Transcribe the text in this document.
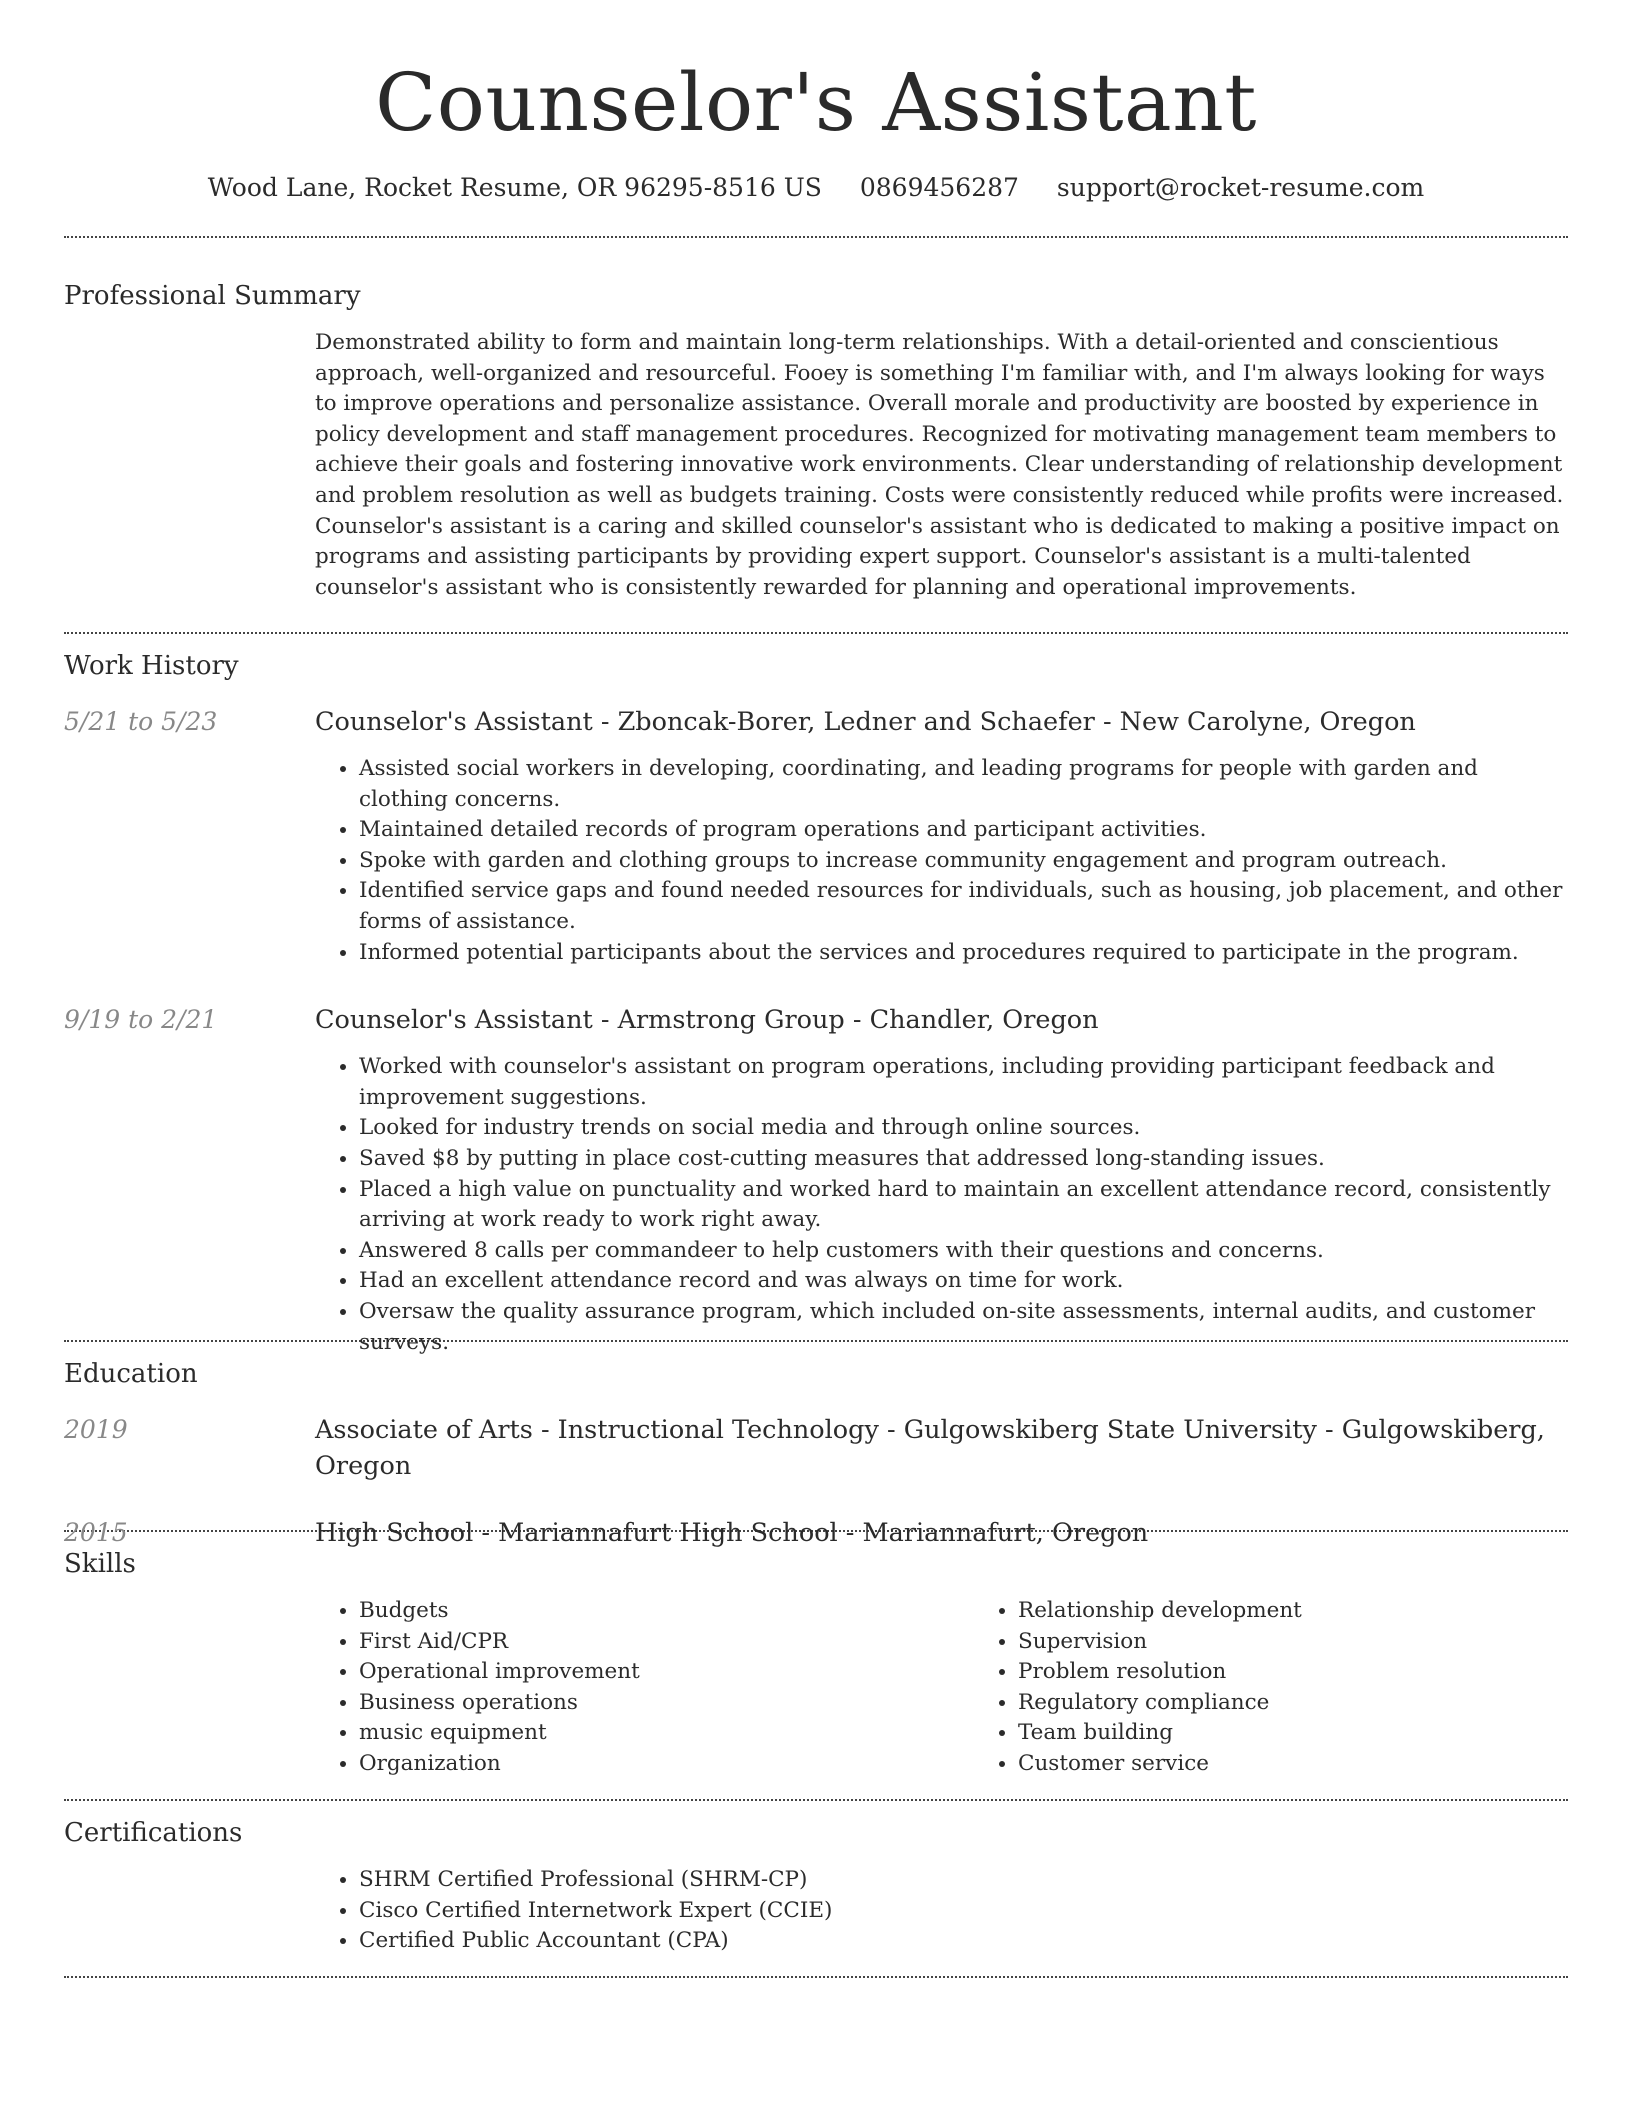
Counselor's Assistant
Wood Lane, Rocket Resume, OR 96295-8516 US 0869456287 support@rocket-resume.com
Professional Summary

Demonstrated ability to form and maintain long-term relationships. With a detail-oriented and conscientious approach, well-organized and resourceful. Fooey is something I'm familiar with, and I'm always looking for ways to improve operations and personalize assistance. Overall morale and productivity are boosted by experience in policy development and staff management procedures. Recognized for motivating management team members to achieve their goals and fostering innovative work environments. Clear understanding of relationship development and problem resolution as well as budgets training. Costs were consistently reduced while profits were increased. Counselor's assistant is a caring and skilled counselor's assistant who is dedicated to making a positive impact on programs and assisting participants by providing expert support. Counselor's assistant is a multi-talented counselor's assistant who is consistently rewarded for planning and operational improvements.

Work History
5/21 to 5/23	Counselor's Assistant - Zboncak-Borer, Ledner and Schaefer - New Carolyne, Oregon
• Assisted social workers in developing, coordinating, and leading programs for people with garden and clothing concerns.
• Maintained detailed records of program operations and participant activities.
• Spoke with garden and clothing groups to increase community engagement and program outreach.
• Identified service gaps and found needed resources for individuals, such as housing, job placement, and other forms of assistance.
• Informed potential participants about the services and procedures required to participate in the program.
9/19 to 2/21	Counselor's Assistant - Armstrong Group - Chandler, Oregon
• Worked with counselor's assistant on program operations, including providing participant feedback and improvement suggestions.
• Looked for industry trends on social media and through online sources.
• Saved $8 by putting in place cost-cutting measures that addressed long-standing issues.
• Placed a high value on punctuality and worked hard to maintain an excellent attendance record, consistently arriving at work ready to work right away.
• Answered 8 calls per commandeer to help customers with their questions and concerns.
• Had an excellent attendance record and was always on time for work.
• Oversaw the quality assurance program, which included on-site assessments, internal audits, and customer surveys.
Education
2019	Associate of Arts - Instructional Technology - Gulgowskiberg State University - Gulgowskiberg, Oregon
2015	High School - Mariannafurt High School - Mariannafurt, Oregon
Skills
• Budgets
• First Aid/CPR
• Operational improvement
• Business operations
• music equipment
• Organization
• Relationship development
• Supervision
• Problem resolution
• Regulatory compliance
• Team building
• Customer service
Certifications
• SHRM Certified Professional (SHRM-CP)
• Cisco Certified Internetwork Expert (CCIE)
• Certified Public Accountant (CPA)
